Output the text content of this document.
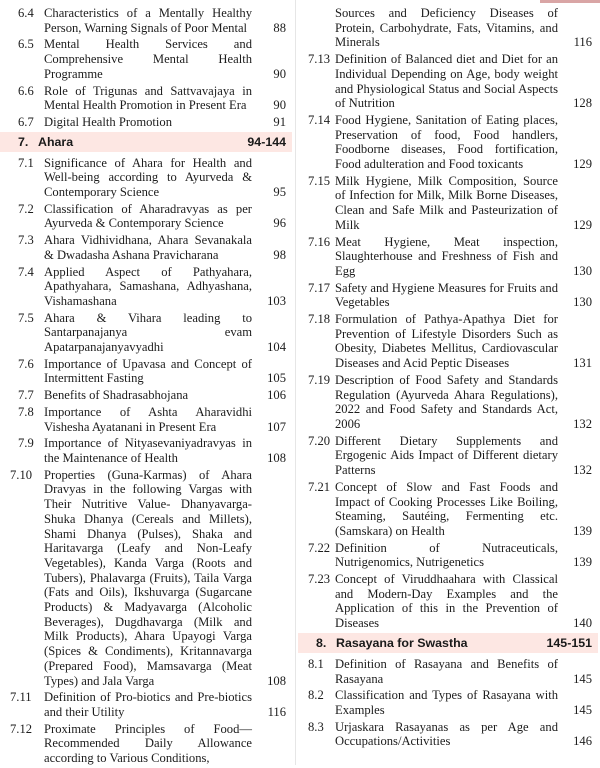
6.4 Characteristics of a Mentally Healthy Person, Warning Signals of Poor Mental	88
6.5 Mental Health Services and Comprehensive Mental Health Programme	90
6.6 Role of Trigunas and Sattvavajaya in Mental Health Promotion in Present Era	90
6.7 Digital Health Promotion	91
7. Ahara	94-144
7.1 Significance of Ahara for Health and Well-being according to Ayurveda & Contemporary Science	95
7.2 Classification of Aharadravyas as per Ayurveda & Contemporary Science	96
7.3 Ahara Vidhividhana, Ahara Sevanakala & Dwadasha Ashana Pravicharana	98
7.4 Applied Aspect of Pathyahara, Apathyahara, Samashana, Adhyashana, Vishamashana	103
7.5 Ahara & Vihara leading to Santarpanajanya evam Apatarpanajanyavyadhi	104
7.6 Importance of Upavasa and Concept of Intermittent Fasting	105
7.7 Benefits of Shadrasabhojana	106
7.8 Importance of Ashta Aharavidhi Vishesha Ayatanani in Present Era	107
7.9 Importance of Nityasevaniyadravyas in the Maintenance of Health	108
7.10 Properties (Guna-Karmas) of Ahara Dravyas in the following Vargas with Their Nutritive Value- Dhanyavarga-Shuka Dhanya (Cereals and Millets), Shami Dhanya (Pulses), Shaka and Haritavarga (Leafy and Non-Leafy Vegetables), Kanda Varga (Roots and Tubers), Phalavarga (Fruits), Taila Varga (Fats and Oils), Ikshuvarga (Sugarcane Products) & Madyavarga (Alcoholic Beverages), Dugdhavarga (Milk and Milk Products), Ahara Upayogi Varga (Spices & Condiments), Kritannavarga (Prepared Food), Mamsavarga (Meat Types) and Jala Varga	108
7.11 Definition of Pro-biotics and Pre-biotics and their Utility	116
7.12 Proximate Principles of Food—Recommended Daily Allowance according to Various Conditions,
Sources and Deficiency Diseases of Protein, Carbohydrate, Fats, Vitamins, and Minerals	116
7.13 Definition of Balanced diet and Diet for an Individual Depending on Age, body weight and Physiological Status and Social Aspects of Nutrition	128
7.14 Food Hygiene, Sanitation of Eating places, Preservation of food, Food handlers, Foodborne diseases, Food fortification, Food adulteration and Food toxicants	129
7.15 Milk Hygiene, Milk Composition, Source of Infection for Milk, Milk Borne Diseases, Clean and Safe Milk and Pasteurization of Milk	129
7.16 Meat Hygiene, Meat inspection, Slaughterhouse and Freshness of Fish and Egg	130
7.17 Safety and Hygiene Measures for Fruits and Vegetables	130
7.18 Formulation of Pathya-Apathya Diet for Prevention of Lifestyle Disorders Such as Obesity, Diabetes Mellitus, Cardiovascular Diseases and Acid Peptic Diseases	131
7.19 Description of Food Safety and Standards Regulation (Ayurveda Ahara Regulations), 2022 and Food Safety and Standards Act, 2006	132
7.20 Different Dietary Supplements and Ergogenic Aids Impact of Different dietary Patterns	132
7.21 Concept of Slow and Fast Foods and Impact of Cooking Processes Like Boiling, Steaming, Sautéing, Fermenting etc. (Samskara) on Health	139
7.22 Definition of Nutraceuticals, Nutrigenomics, Nutrigenetics	139
7.23 Concept of Viruddhaahara with Classical and Modern-Day Examples and the Application of this in the Prevention of Diseases	140
8. Rasayana for Swastha	145-151
8.1 Definition of Rasayana and Benefits of Rasayana	145
8.2 Classification and Types of Rasayana with Examples	145
8.3 Urjaskara Rasayanas as per Age and Occupations/Activities	146
